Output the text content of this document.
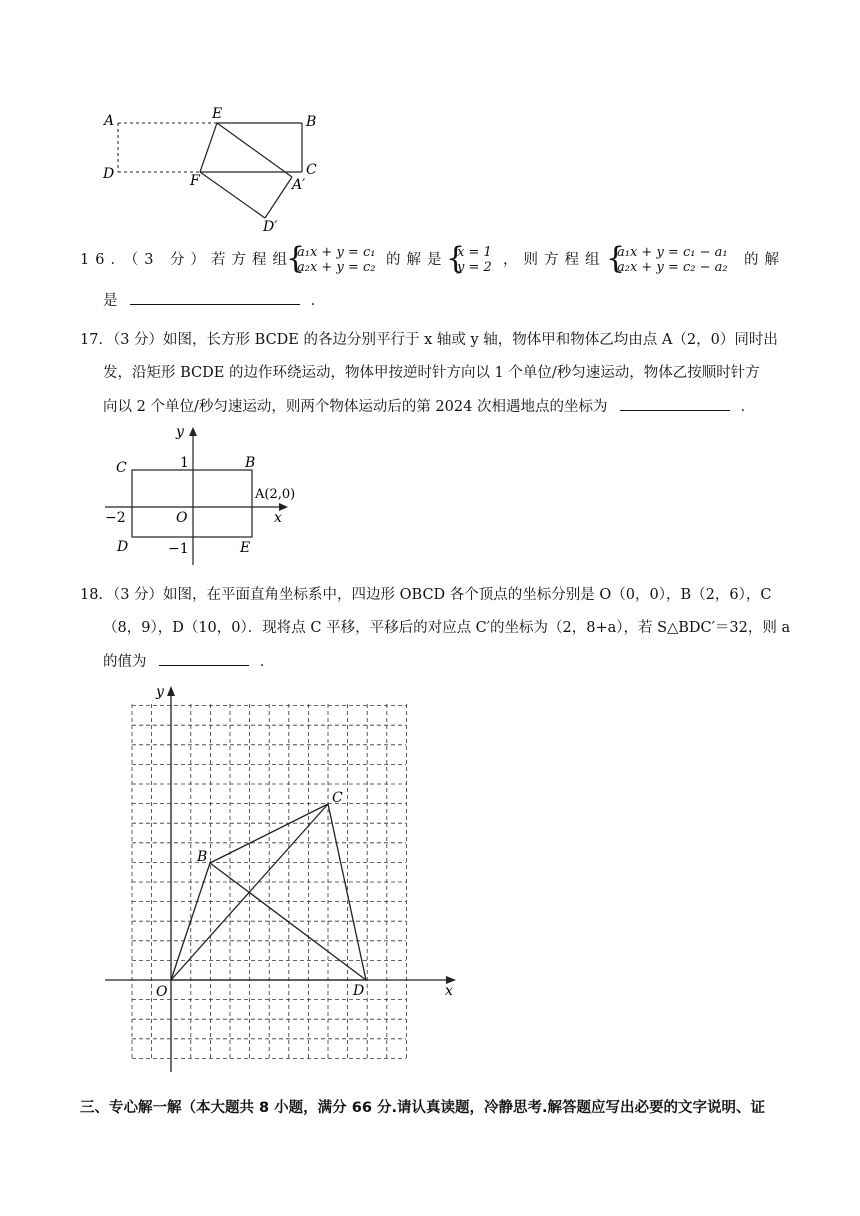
A	E	B
D	F
C
A′
D′
16．（3 分）若方程组
{
a₁x + y = c₁
a₂x + y = c₂ 的解是
{
x = 1
y = 2 ，则方程组 {
a₁x + y = c₁ − a₁
a₂x + y = c₂ − a₂ 的解
是	．
17．（3 分）如图，长方形 BCDE 的各边分别平行于 x 轴或 y 轴，物体甲和物体乙均由点 A（2，0）同时出
发，沿矩形 BCDE 的边作环绕运动，物体甲按逆时针方向以 1 个单位/秒匀速运动，物体乙按顺时针方
向以 2 个单位/秒匀速运动，则两个物体运动后的第 2024 次相遇地点的坐标为	．
y
x
C	B
1
A(2,0)
−2	O
D	−1	E
18．（3 分）如图，在平面直角坐标系中，四边形 OBCD 各个顶点的坐标分别是 O（0，0），B（2，6），C
（8，9），D（10，0）．现将点 C 平移，平移后的对应点 C′的坐标为（2，8+a），若 S△BDC′＝32，则 a
的值为	．
y
x
O
B
C
D
三、专心解一解（本大题共 8 小题，满分 66 分.请认真读题，冷静思考.解答题应写出必要的文字说明、证
